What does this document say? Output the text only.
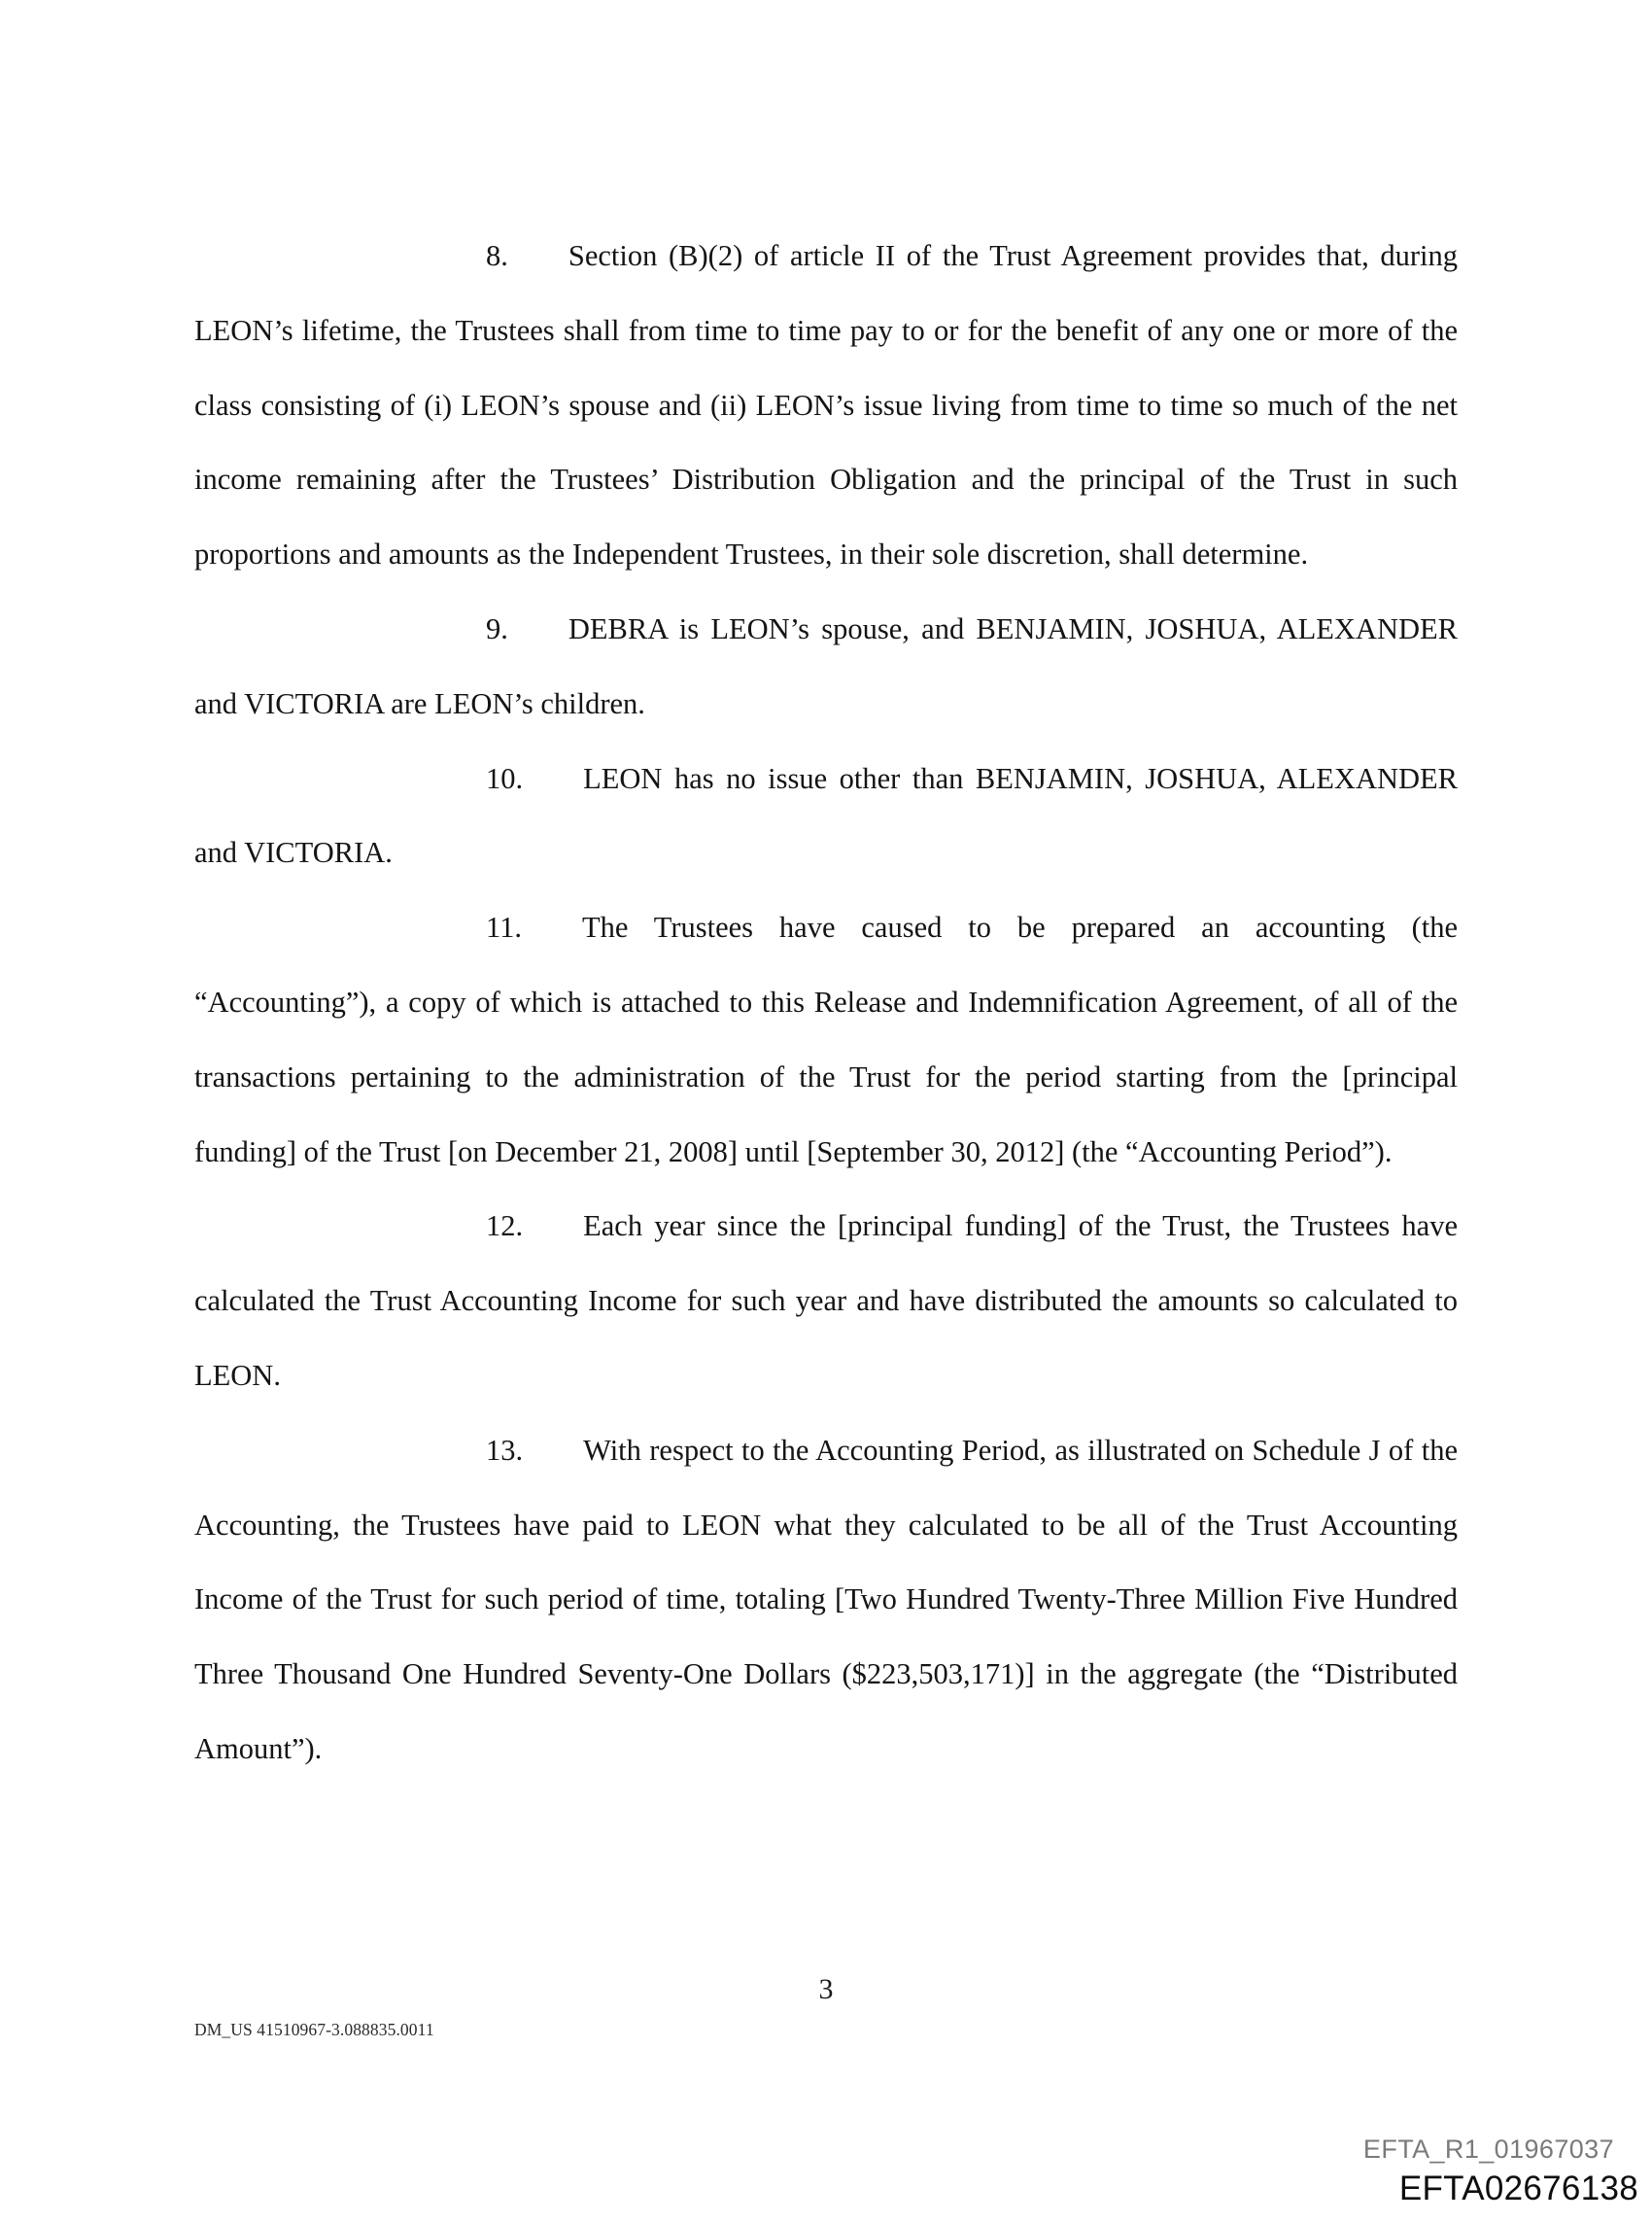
8. Section (B)(2) of article II of the Trust Agreement provides that, during LEON’s lifetime, the Trustees shall from time to time pay to or for the benefit of any one or more of the class consisting of (i) LEON’s spouse and (ii) LEON’s issue living from time to time so much of the net income remaining after the Trustees’ Distribution Obligation and the principal of the Trust in such proportions and amounts as the Independent Trustees, in their sole discretion, shall determine.

9. DEBRA is LEON’s spouse, and BENJAMIN, JOSHUA, ALEXANDER and VICTORIA are LEON’s children.

10. LEON has no issue other than BENJAMIN, JOSHUA, ALEXANDER and VICTORIA.

11. The Trustees have caused to be prepared an accounting (the “Accounting”), a copy of which is attached to this Release and Indemnification Agreement, of all of the transactions pertaining to the administration of the Trust for the period starting from the [principal funding] of the Trust [on December 21, 2008] until [September 30, 2012] (the “Accounting Period”).

12. Each year since the [principal funding] of the Trust, the Trustees have calculated the Trust Accounting Income for such year and have distributed the amounts so calculated to LEON.

13. With respect to the Accounting Period, as illustrated on Schedule J of the Accounting, the Trustees have paid to LEON what they calculated to be all of the Trust Accounting Income of the Trust for such period of time, totaling [Two Hundred Twenty-Three Million Five Hundred Three Thousand One Hundred Seventy-One Dollars ($223,503,171)] in the aggregate (the “Distributed Amount”).

3
DM_US 41510967-3.088835.0011
EFTA_R1_01967037
EFTA02676138
